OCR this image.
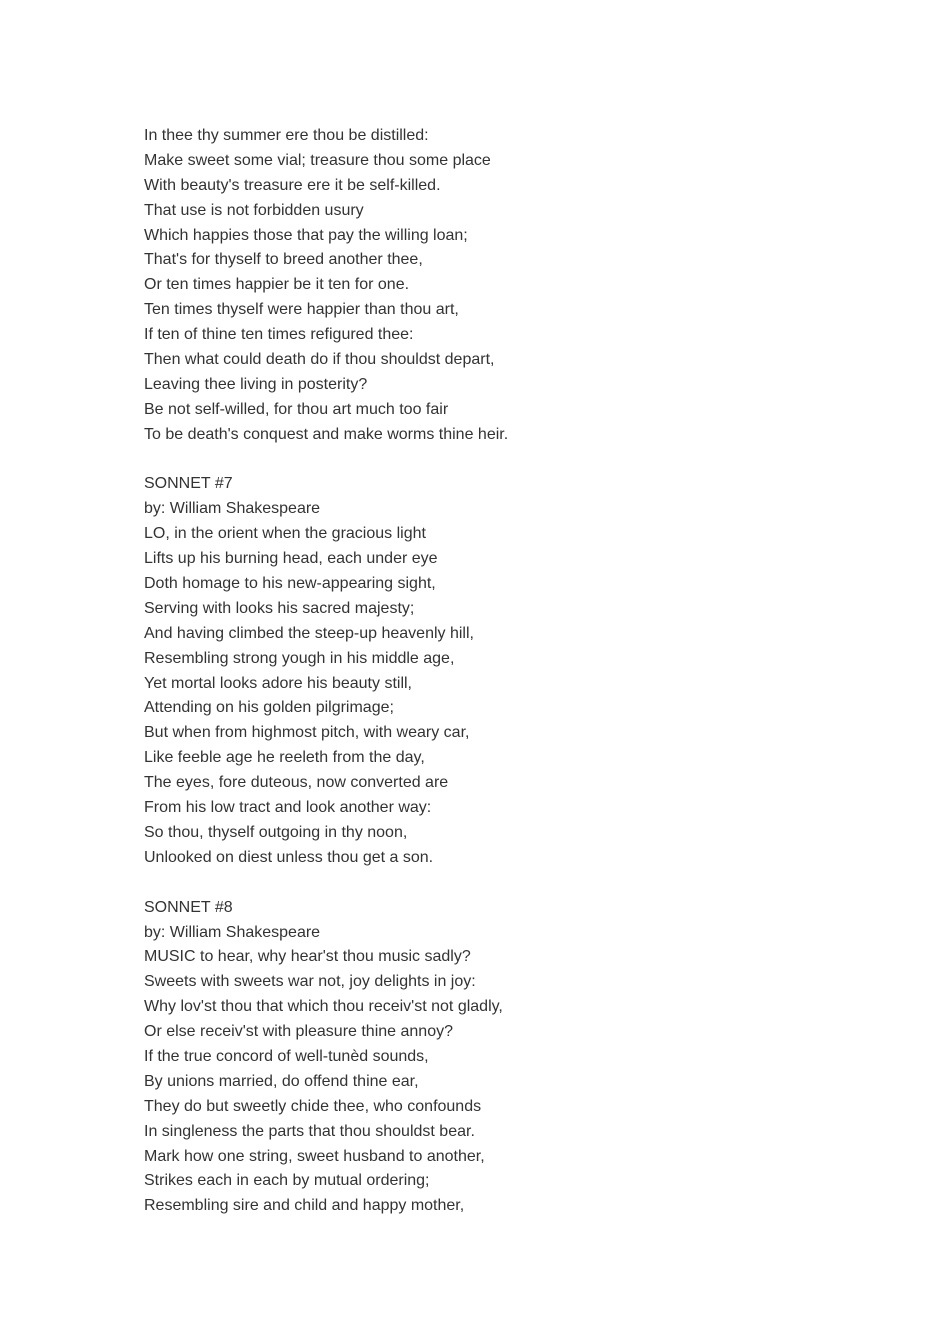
In thee thy summer ere thou be distilled:

Make sweet some vial; treasure thou some place

With beauty's treasure ere it be self-killed.

That use is not forbidden usury

Which happies those that pay the willing loan;

That's for thyself to breed another thee,

Or ten times happier be it ten for one.

Ten times thyself were happier than thou art,

If ten of thine ten times refigured thee:

Then what could death do if thou shouldst depart,

Leaving thee living in posterity?

Be not self-willed, for thou art much too fair

To be death's conquest and make worms thine heir.

SONNET #7

by: William Shakespeare

LO, in the orient when the gracious light

Lifts up his burning head, each under eye

Doth homage to his new-appearing sight,

Serving with looks his sacred majesty;

And having climbed the steep-up heavenly hill,

Resembling strong yough in his middle age,

Yet mortal looks adore his beauty still,

Attending on his golden pilgrimage;

But when from highmost pitch, with weary car,

Like feeble age he reeleth from the day,

The eyes, fore duteous, now converted are

From his low tract and look another way:

So thou, thyself outgoing in thy noon,

Unlooked on diest unless thou get a son.

SONNET #8

by: William Shakespeare

MUSIC to hear, why hear'st thou music sadly?

Sweets with sweets war not, joy delights in joy:

Why lov'st thou that which thou receiv'st not gladly,

Or else receiv'st with pleasure thine annoy?

If the true concord of well-tunèd sounds,

By unions married, do offend thine ear,

They do but sweetly chide thee, who confounds

In singleness the parts that thou shouldst bear.

Mark how one string, sweet husband to another,

Strikes each in each by mutual ordering;

Resembling sire and child and happy mother,
